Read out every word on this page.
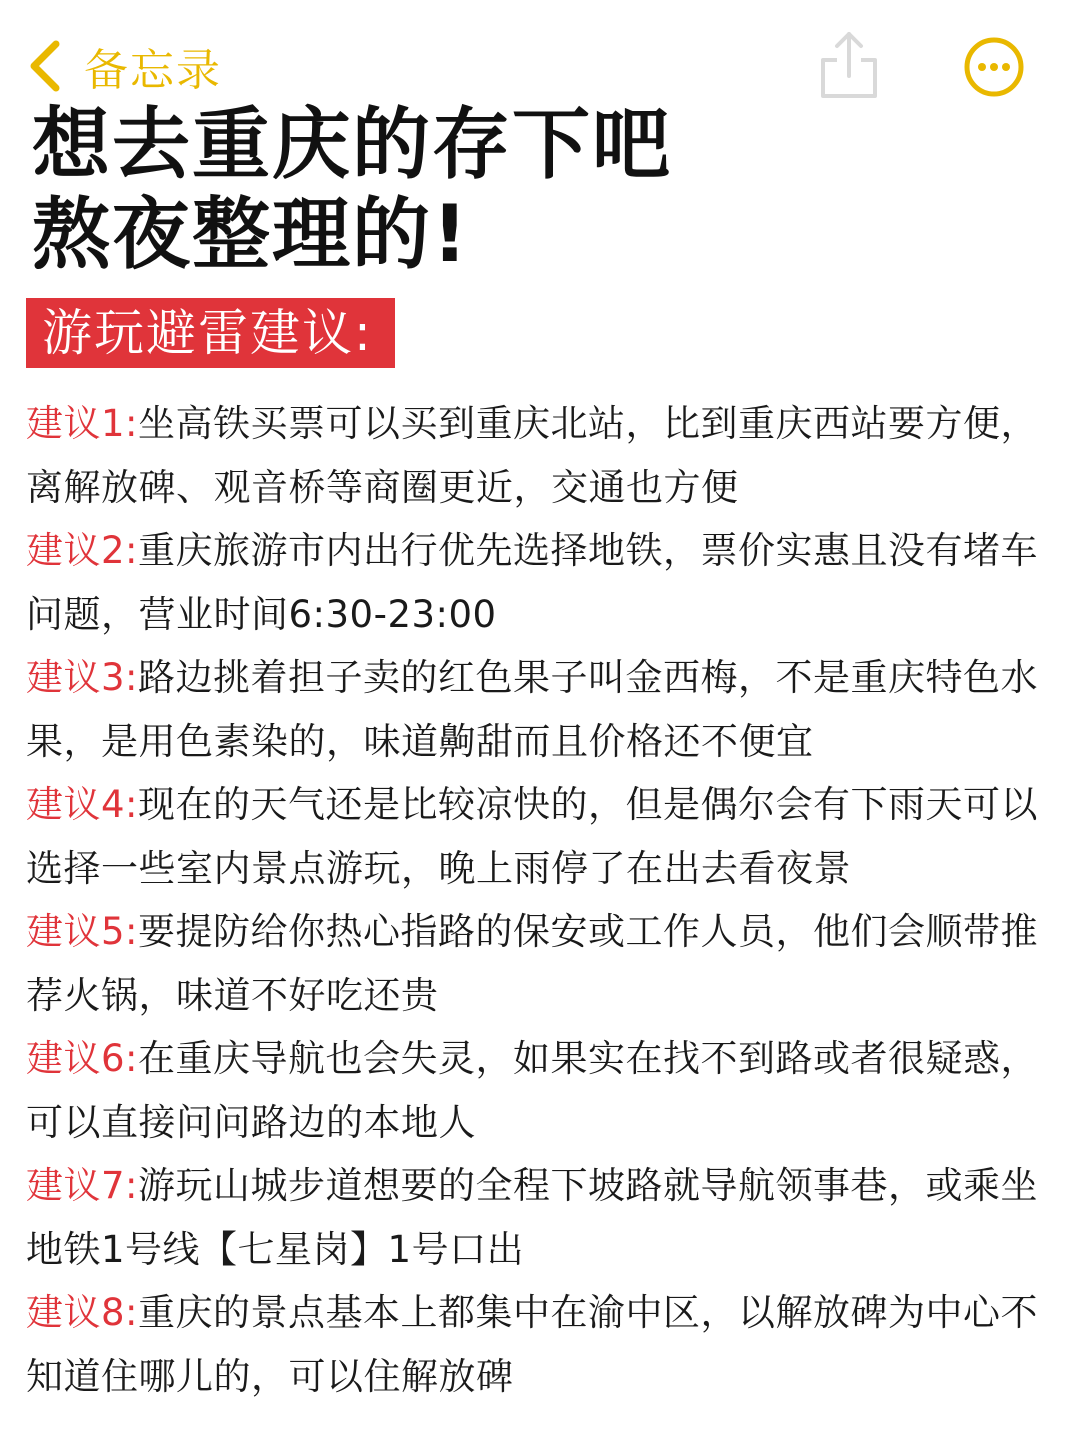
备忘录
想去重庆的存下吧
熬夜整理的!
游玩避雷建议:

建议1:坐高铁买票可以买到重庆北站，比到重庆西站要方便，离解放碑、观音桥等商圈更近，交通也方便

建议2:重庆旅游市内出行优先选择地铁，票价实惠且没有堵车问题，营业时间6:30-23:00

建议3:路边挑着担子卖的红色果子叫金西梅，不是重庆特色水果，是用色素染的，味道齁甜而且价格还不便宜

建议4:现在的天气还是比较凉快的，但是偶尔会有下雨天可以选择一些室内景点游玩，晚上雨停了在出去看夜景

建议5:要提防给你热心指路的保安或工作人员，他们会顺带推荐火锅，味道不好吃还贵

建议6:在重庆导航也会失灵，如果实在找不到路或者很疑惑，可以直接问问路边的本地人

建议7:游玩山城步道想要的全程下坡路就导航领事巷，或乘坐地铁1号线【七星岗】1号口出

建议8:重庆的景点基本上都集中在渝中区，以解放碑为中心不知道住哪儿的，可以住解放碑
